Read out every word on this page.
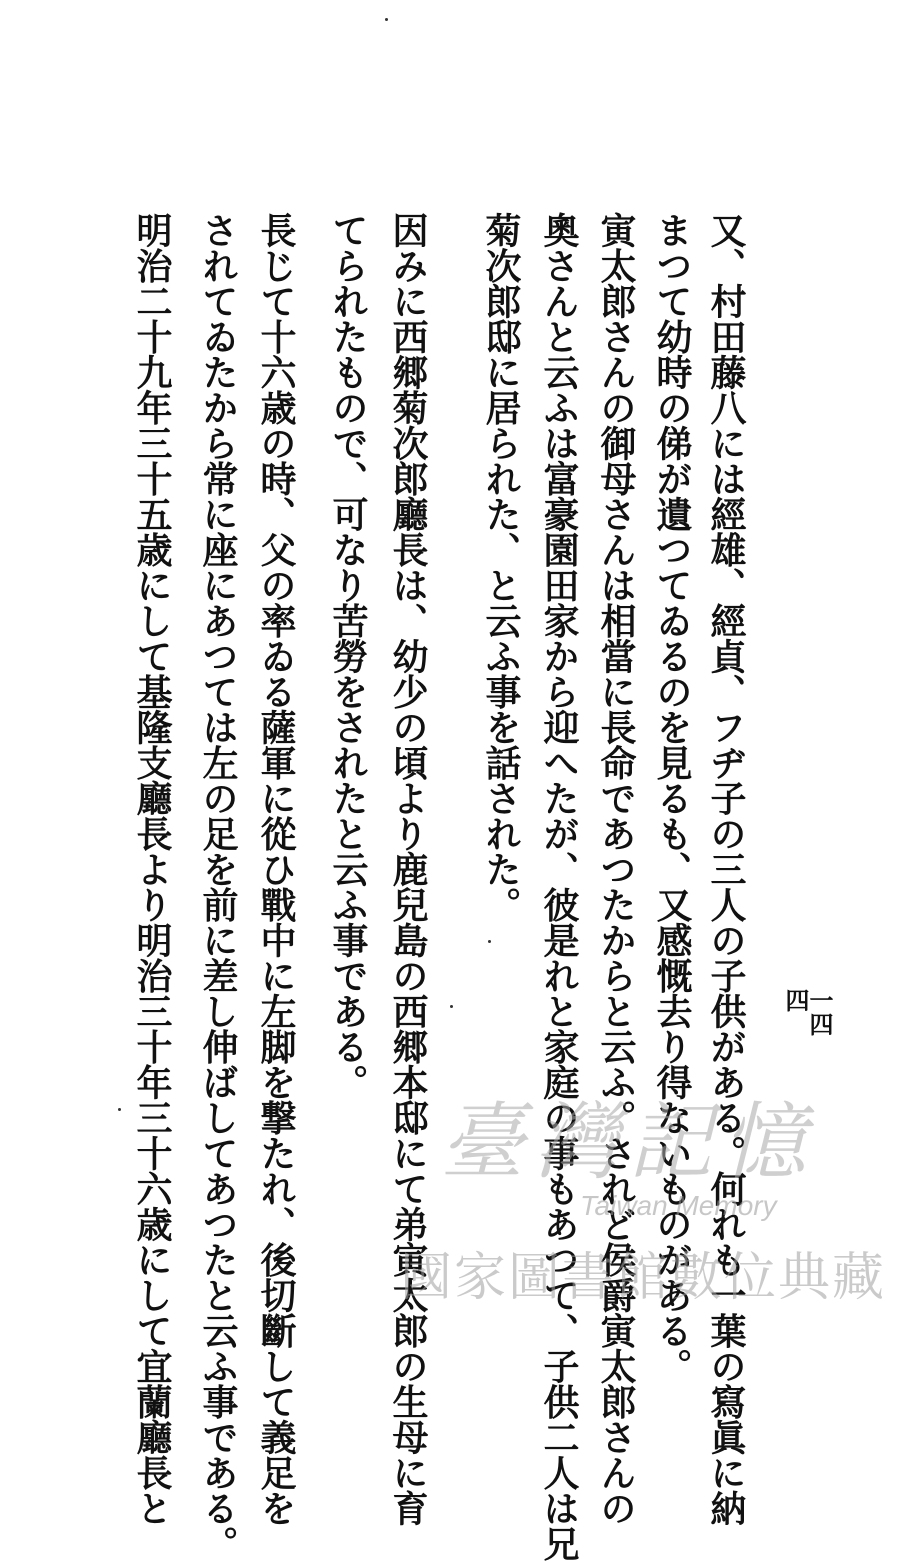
又、村田藤八には經雄、經貞、フヂ子の三人の子供がある。何れも一葉の寫眞に納
まつて幼時の俤が遺つてゐるのを見るも、又感慨去り得ないものがある。
寅太郎さんの御母さんは相當に長命であつたからと云ふ。されど侯爵寅太郎さんの
奧さんと云ふは富豪園田家から迎へたが、彼是れと家庭の事もあつて、子供二人は兄
菊次郎邸に居られた、と云ふ事を話された。
因みに西郷菊次郎廳長は、幼少の頃より鹿兒島の西郷本邸にて弟寅太郎の生母に育
てられたもので、可なり苦勞をされたと云ふ事である。
長じて十六歳の時、父の率ゐる薩軍に從ひ戰中に左脚を撃たれ、後切斷して義足を
されてゐたから常に座にあつては左の足を前に差し伸ばしてあつたと云ふ事である。
明治二十九年三十五歳にして基隆支廳長より明治三十年三十六歳にして宜蘭廳長と	一四四
臺灣記憶
Taiwan Memory
國家圖書館數位典藏
